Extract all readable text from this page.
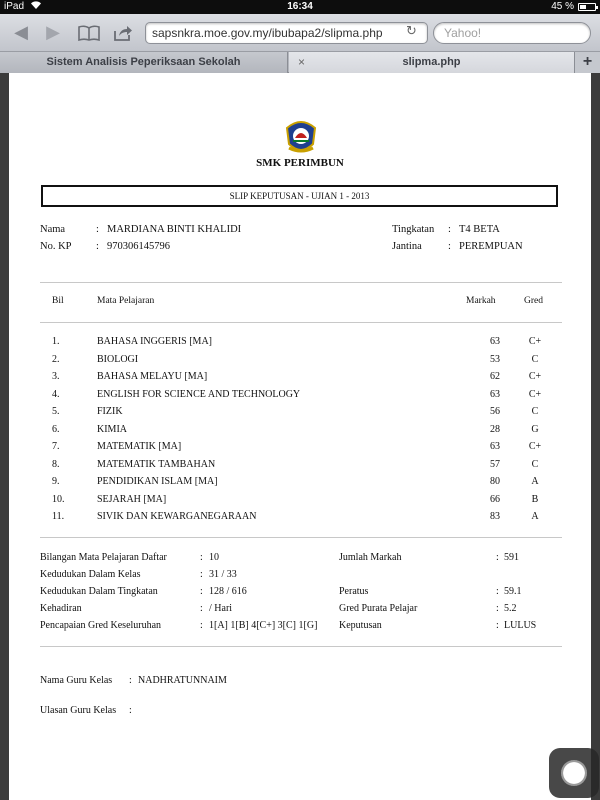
iPad	16:34	45 %
◀	▶	sapsnkra.moe.gov.my/ibubapa2/slipma.php	↻	Yahoo!
Sistem Analisis Peperiksaan Sekolah	×	slipma.php	+
SMK PERIMBUN
SLIP KEPUTUSAN - UJIAN 1 - 2013
Nama	: MARDIANA BINTI KHALIDI
No. KP : 970306145796
Tingkatan : T4 BETA
Jantina	: PEREMPUAN
Bil	Mata Pelajaran	Markah	Gred
1.	BAHASA INGGERIS [MA]	63	C+
2.	BIOLOGI	53	C
3.	BAHASA MELAYU [MA]	62	C+
4.	ENGLISH FOR SCIENCE AND TECHNOLOGY	63	C+
5.	FIZIK	56	C
6.	KIMIA	28	G
7.	MATEMATIK [MA]	63	C+
8.	MATEMATIK TAMBAHAN	57	C
9.	PENDIDIKAN ISLAM [MA]	80	A
10.	SEJARAH [MA]	66	B
11.	SIVIK DAN KEWARGANEGARAAN	83	A
Bilangan Mata Pelajaran Daftar	: 10
Kedudukan Dalam Kelas	: 31 / 33
Kedudukan Dalam Tingkatan	: 128 / 616
Kehadiran	: / Hari
Pencapaian Gred Keseluruhan	: 1[A] 1[B] 4[C+] 3[C] 1[G]
Jumlah Markah	: 591
Peratus	: 59.1
Gred Purata Pelajar	: 5.2
Keputusan	: LULUS
Nama Guru Kelas : NADHRATUNNAIM
Ulasan Guru Kelas :
